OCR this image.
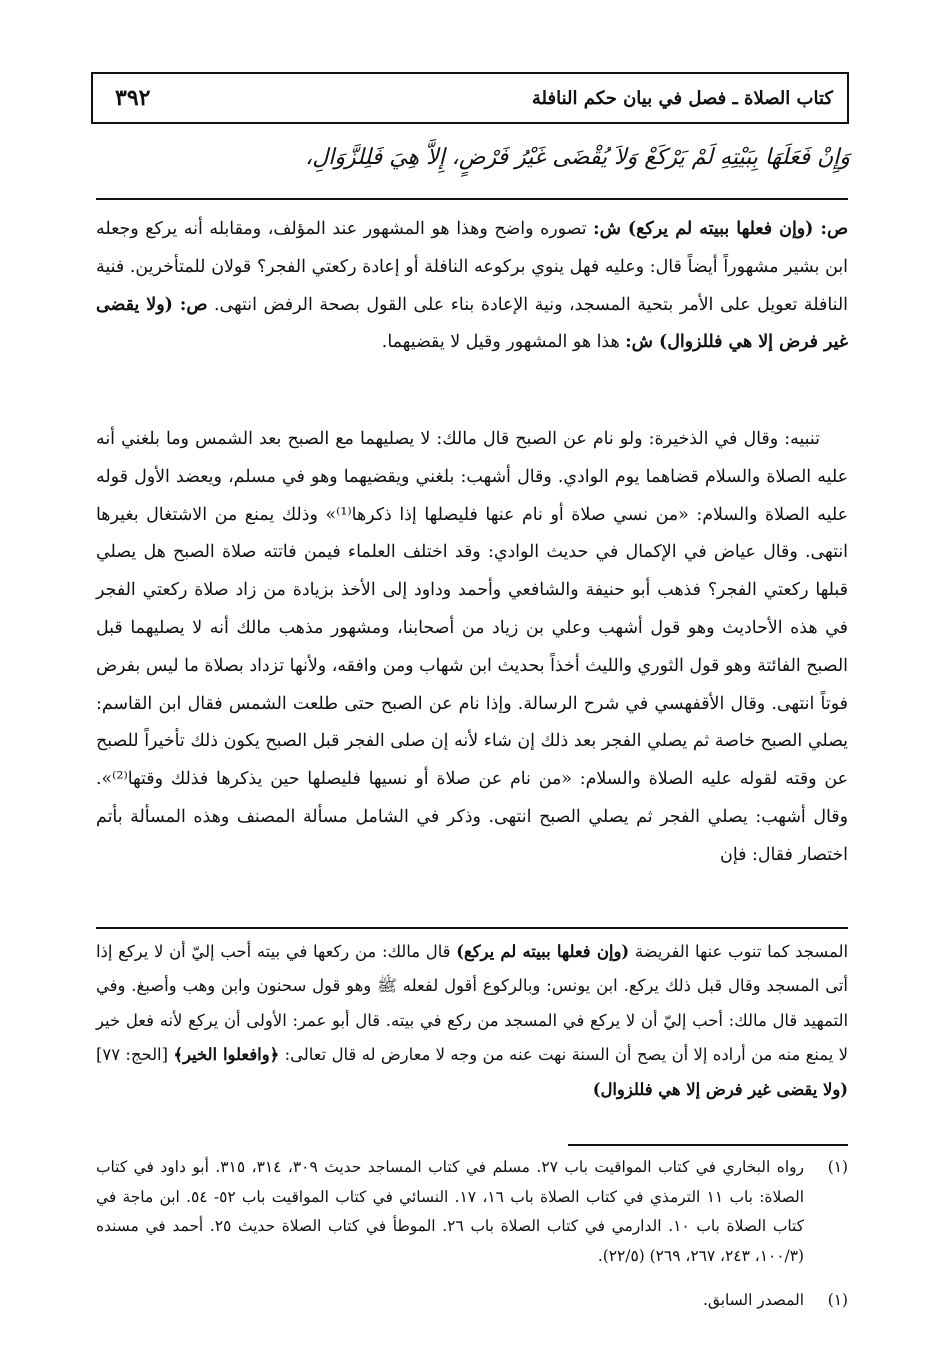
كتاب الصلاة ـ فصل في بيان حكم النافلة
٣٩٢
وَإِنْ فَعَلَهَا بِبَيْتِهِ لَمْ يَرْكَعْ وَلاَ يُقْضَى غَيْرُ فَرْضٍ، إِلاَّ هِيَ فَلِلزَّوَالِ،

ص: (وإن فعلها ببيته لم يركع) ش: تصوره واضح وهذا هو المشهور عند المؤلف، ومقابله أنه يركع وجعله ابن بشير مشهوراً أيضاً قال: وعليه فهل ينوي بركوعه النافلة أو إعادة ركعتي الفجر؟ قولان للمتأخرين. فنية النافلة تعويل على الأمر بتحية المسجد، ونية الإعادة بناء على القول بصحة الرفض انتهى. ص: (ولا يقضى غير فرض إلا هي فللزوال) ش: هذا هو المشهور وقيل لا يقضيهما.

تنبيه: وقال في الذخيرة: ولو نام عن الصبح قال مالك: لا يصليهما مع الصبح بعد الشمس وما بلغني أنه عليه الصلاة والسلام قضاهما يوم الوادي. وقال أشهب: بلغني ويقضيهما وهو في مسلم، ويعضد الأول قوله عليه الصلاة والسلام: «من نسي صلاة أو نام عنها فليصلها إذا ذكرها⁽¹⁾» وذلك يمنع من الاشتغال بغيرها انتهى. وقال عياض في الإكمال في حديث الوادي: وقد اختلف العلماء فيمن فاتته صلاة الصبح هل يصلي قبلها ركعتي الفجر؟ فذهب أبو حنيفة والشافعي وأحمد وداود إلى الأخذ بزيادة من زاد صلاة ركعتي الفجر في هذه الأحاديث وهو قول أشهب وعلي بن زياد من أصحابنا، ومشهور مذهب مالك أنه لا يصليهما قبل الصبح الفائتة وهو قول الثوري والليث أخذاً بحديث ابن شهاب ومن وافقه، ولأنها تزداد بصلاة ما ليس بفرض فوتاً انتهى. وقال الأقفهسي في شرح الرسالة. وإذا نام عن الصبح حتى طلعت الشمس فقال ابن القاسم: يصلي الصبح خاصة ثم يصلي الفجر بعد ذلك إن شاء لأنه إن صلى الفجر قبل الصبح يكون ذلك تأخيراً للصبح عن وقته لقوله عليه الصلاة والسلام: «من نام عن صلاة أو نسيها فليصلها حين يذكرها فذلك وقتها⁽²⁾». وقال أشهب: يصلي الفجر ثم يصلي الصبح انتهى. وذكر في الشامل مسألة المصنف وهذه المسألة بأتم اختصار فقال: فإن

المسجد كما تنوب عنها الفريضة (وإن فعلها ببيته لم يركع) قال مالك: من ركعها في بيته أحب إليّ أن لا يركع إذا أتى المسجد وقال قبل ذلك يركع. ابن يونس: وبالركوع أقول لفعله ﷺ وهو قول سحنون وابن وهب وأصبغ. وفي التمهيد قال مالك: أحب إليّ أن لا يركع في المسجد من ركع في بيته. قال أبو عمر: الأولى أن يركع لأنه فعل خير لا يمنع منه من أراده إلا أن يصح أن السنة نهت عنه من وجه لا معارض له قال تعالى: ﴿وافعلوا الخير﴾ [الحج: ٧٧] (ولا يقضى غير فرض إلا هي فللزوال)

(١)
رواه البخاري في كتاب المواقيت باب ٢٧. مسلم في كتاب المساجد حديث ٣٠٩، ٣١٤، ٣١٥. أبو داود في كتاب الصلاة: باب ١١ الترمذي في كتاب الصلاة باب ١٦، ١٧. النسائي في كتاب المواقيت باب ٥٢- ٥٤. ابن ماجة في كتاب الصلاة باب ١٠. الدارمي في كتاب الصلاة باب ٢٦. الموطأ في كتاب الصلاة حديث ٢٥. أحمد في مسنده (١٠٠/٣، ٢٤٣، ٢٦٧، ٢٦٩) (٢٢/٥).
(١)
المصدر السابق.
